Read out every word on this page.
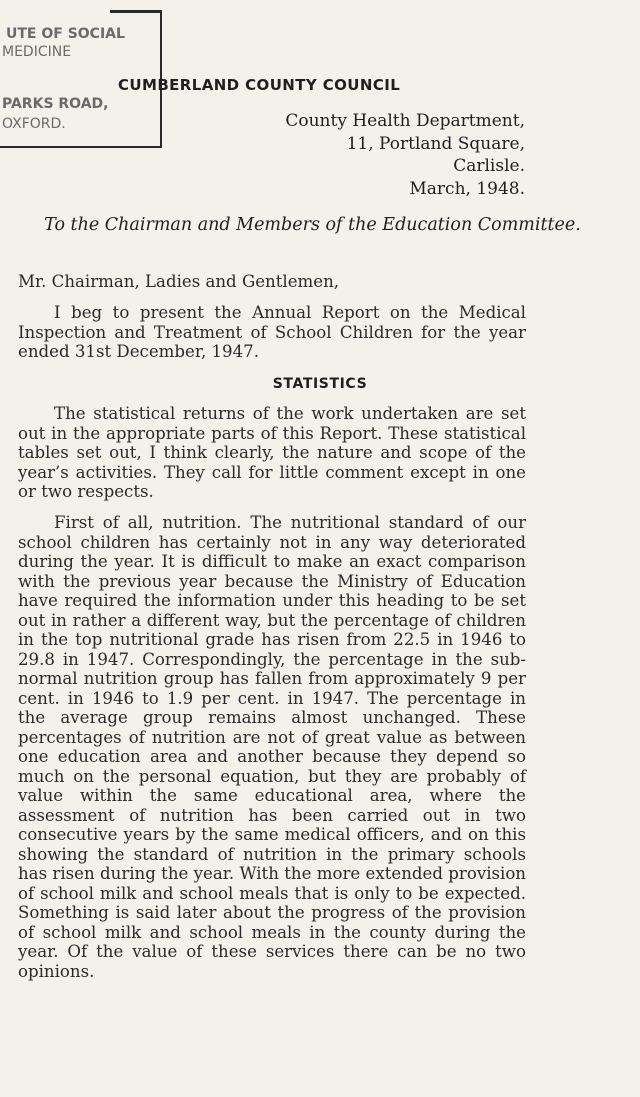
UTE OF SOCIAL
MEDICINE
PARKS ROAD,
OXFORD.
CUMBERLAND COUNTY COUNCIL
County Health Department,
11, Portland Square,
Carlisle.
March, 1948.
To the Chairman and Members of the Education Committee.
Mr. Chairman, Ladies and Gentlemen,
I beg to present the Annual Report on the Medical Inspection and Treatment of School Children for the year ended 31st December, 1947.
STATISTICS
The statistical returns of the work undertaken are set out in the appropriate parts of this Report. These statistical tables set out, I think clearly, the nature and scope of the year’s activities. They call for little comment except in one or two respects.
First of all, nutrition. The nutritional standard of our school children has certainly not in any way deteriorated during the year. It is difficult to make an exact comparison with the previous year because the Ministry of Education have required the information under this heading to be set out in rather a different way, but the percentage of children in the top nutritional grade has risen from 22.5 in 1946 to 29.8 in 1947. Correspondingly, the percentage in the sub-normal nutrition group has fallen from approximately 9 per cent. in 1946 to 1.9 per cent. in 1947. The percentage in the average group remains almost unchanged. These percentages of nutrition are not of great value as between one education area and another because they depend so much on the personal equation, but they are probably of value within the same educational area, where the assessment of nutrition has been carried out in two consecutive years by the same medical officers, and on this showing the standard of nutrition in the primary schools has risen during the year. With the more extended provision of school milk and school meals that is only to be expected. Something is said later about the progress of the provision of school milk and school meals in the county during the year. Of the value of these services there can be no two opinions.
